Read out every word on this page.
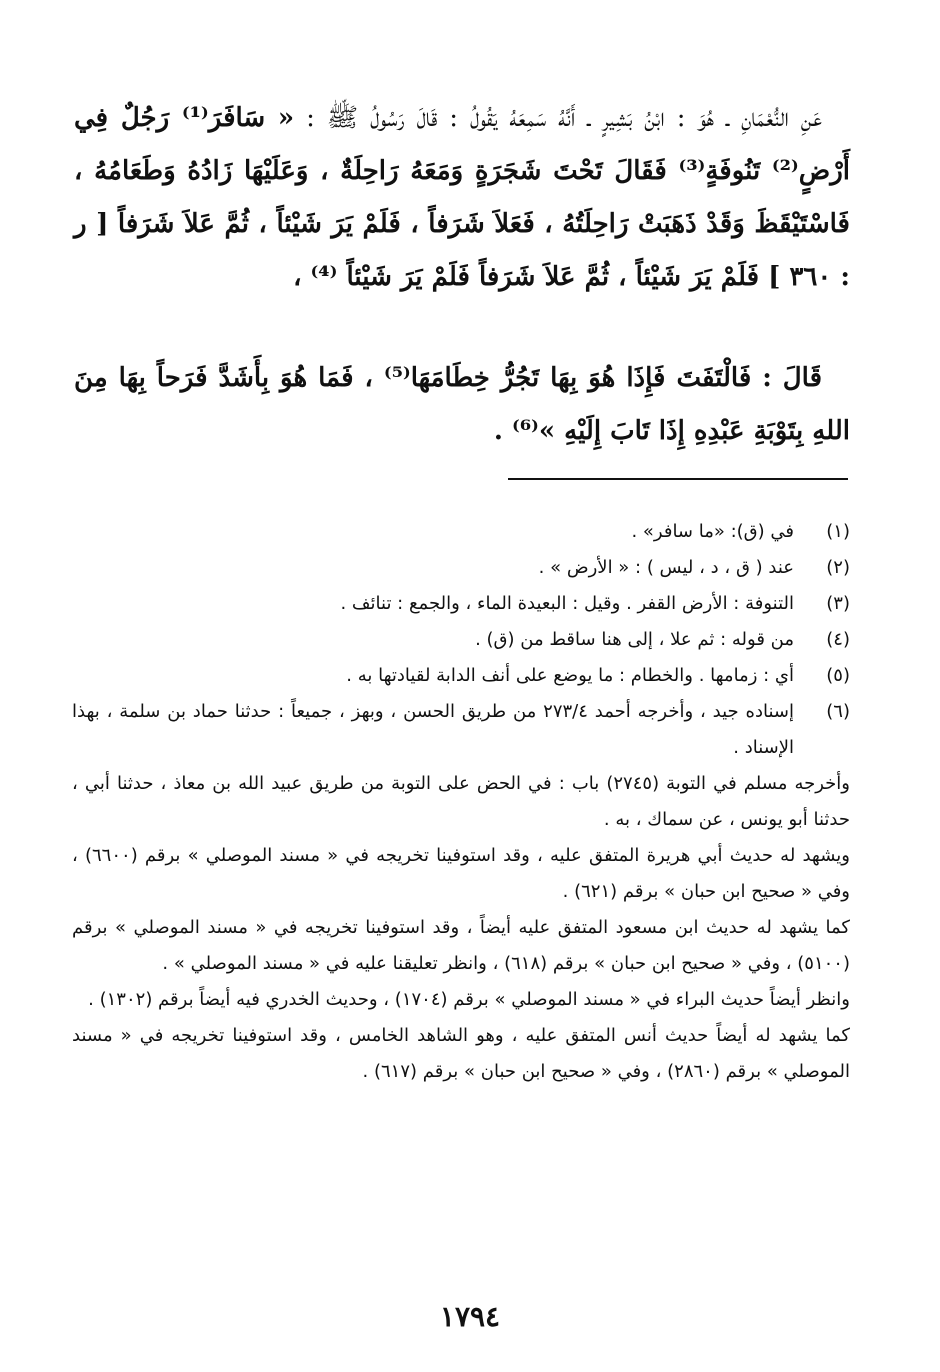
عَنِ النُّعْمَانِ ـ هُوَ : ابْنُ بَشِيرٍ ـ أَنَّهُ سَمِعَهُ يَقُولُ : قَالَ رَسُولُ ﷺ : « سَافَرَ⁽¹⁾ رَجُلٌ فِي أَرْضٍ⁽²⁾ تَنُوفَةٍ⁽³⁾ فَقَالَ تَحْتَ شَجَرَةٍ وَمَعَهُ رَاحِلَةٌ ، وَعَلَيْهَا زَادُهُ وَطَعَامُهُ ، فَاسْتَيْقَظَ وَقَدْ ذَهَبَتْ رَاحِلَتُهُ ، فَعَلاَ شَرَفاً ، فَلَمْ يَرَ شَيْئاً ، ثُمَّ عَلاَ شَرَفاً [ ر : ٣٦٠ ] فَلَمْ يَرَ شَيْئاً ، ثُمَّ عَلاَ شَرَفاً فَلَمْ يَرَ شَيْئاً ⁽⁴⁾ ،

قَالَ : فَالْتَفَتَ فَإِذَا هُوَ بِهَا تَجُرُّ خِطَامَهَا⁽⁵⁾ ، فَمَا هُوَ بِأَشَدَّ فَرَحاً بِهَا مِنَ اللهِ بِتَوْبَةِ عَبْدِهِ إِذَا تَابَ إِلَيْهِ »⁽⁶⁾ .

(١)
في (ق): «ما سافر» .
(٢)
عند ( ق ، د ، ليس ) : « الأرض » .
(٣)
التنوفة : الأرض القفر . وقيل : البعيدة الماء ، والجمع : تنائف .
(٤)
من قوله : ثم علا ، إلى هنا ساقط من (ق) .
(٥)
أي : زمامها . والخطام : ما يوضع على أنف الدابة لقيادتها به .
(٦)
إسناده جيد ، وأخرجه أحمد ٢٧٣/٤ من طريق الحسن ، وبهز ، جميعاً : حدثنا حماد بن سلمة ، بهذا الإسناد .
وأخرجه مسلم في التوبة (٢٧٤٥) باب : في الحض على التوبة من طريق عبيد الله بن معاذ ، حدثنا أبي ، حدثنا أبو يونس ، عن سماك ، به .
ويشهد له حديث أبي هريرة المتفق عليه ، وقد استوفينا تخريجه في « مسند الموصلي » برقم (٦٦٠٠) ، وفي « صحيح ابن حبان » برقم (٦٢١) .
كما يشهد له حديث ابن مسعود المتفق عليه أيضاً ، وقد استوفينا تخريجه في « مسند الموصلي » برقم (٥١٠٠) ، وفي « صحيح ابن حبان » برقم (٦١٨) ، وانظر تعليقنا عليه في « مسند الموصلي » .
وانظر أيضاً حديث البراء في « مسند الموصلي » برقم (١٧٠٤) ، وحديث الخدري فيه أيضاً برقم (١٣٠٢) .
كما يشهد له أيضاً حديث أنس المتفق عليه ، وهو الشاهد الخامس ، وقد استوفينا تخريجه في « مسند الموصلي » برقم (٢٨٦٠) ، وفي « صحيح ابن حبان » برقم (٦١٧) .
١٧٩٤
